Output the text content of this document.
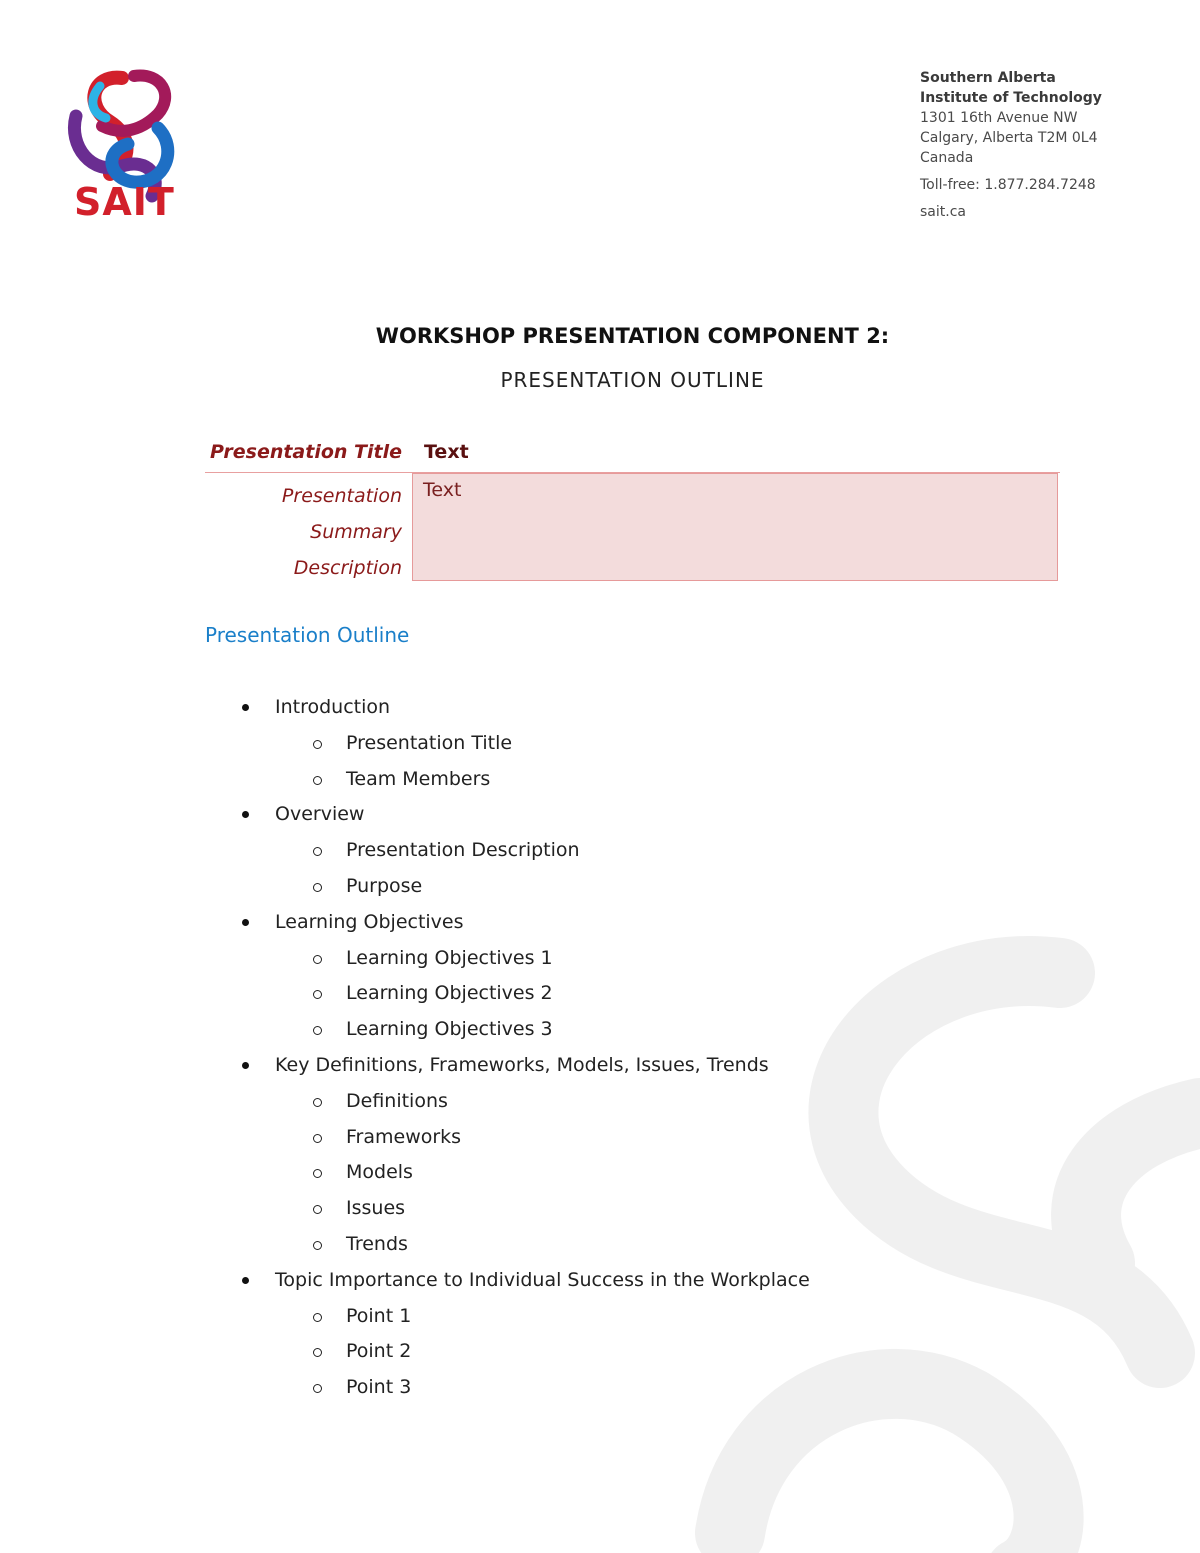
SAIT
Southern Alberta
Institute of Technology
1301 16th Avenue NW
Calgary, Alberta T2M 0L4
Canada
Toll-free: 1.877.284.7248
sait.ca
WORKSHOP PRESENTATION COMPONENT 2:
PRESENTATION OUTLINE
Presentation Title Text
Presentation
Summary
Description
Text
Presentation Outline
Introduction
Presentation Title
Team Members
Overview
Presentation Description
Purpose
Learning Objectives
Learning Objectives 1
Learning Objectives 2
Learning Objectives 3
Key Definitions, Frameworks, Models, Issues, Trends
Definitions
Frameworks
Models
Issues
Trends
Topic Importance to Individual Success in the Workplace
Point 1
Point 2
Point 3
